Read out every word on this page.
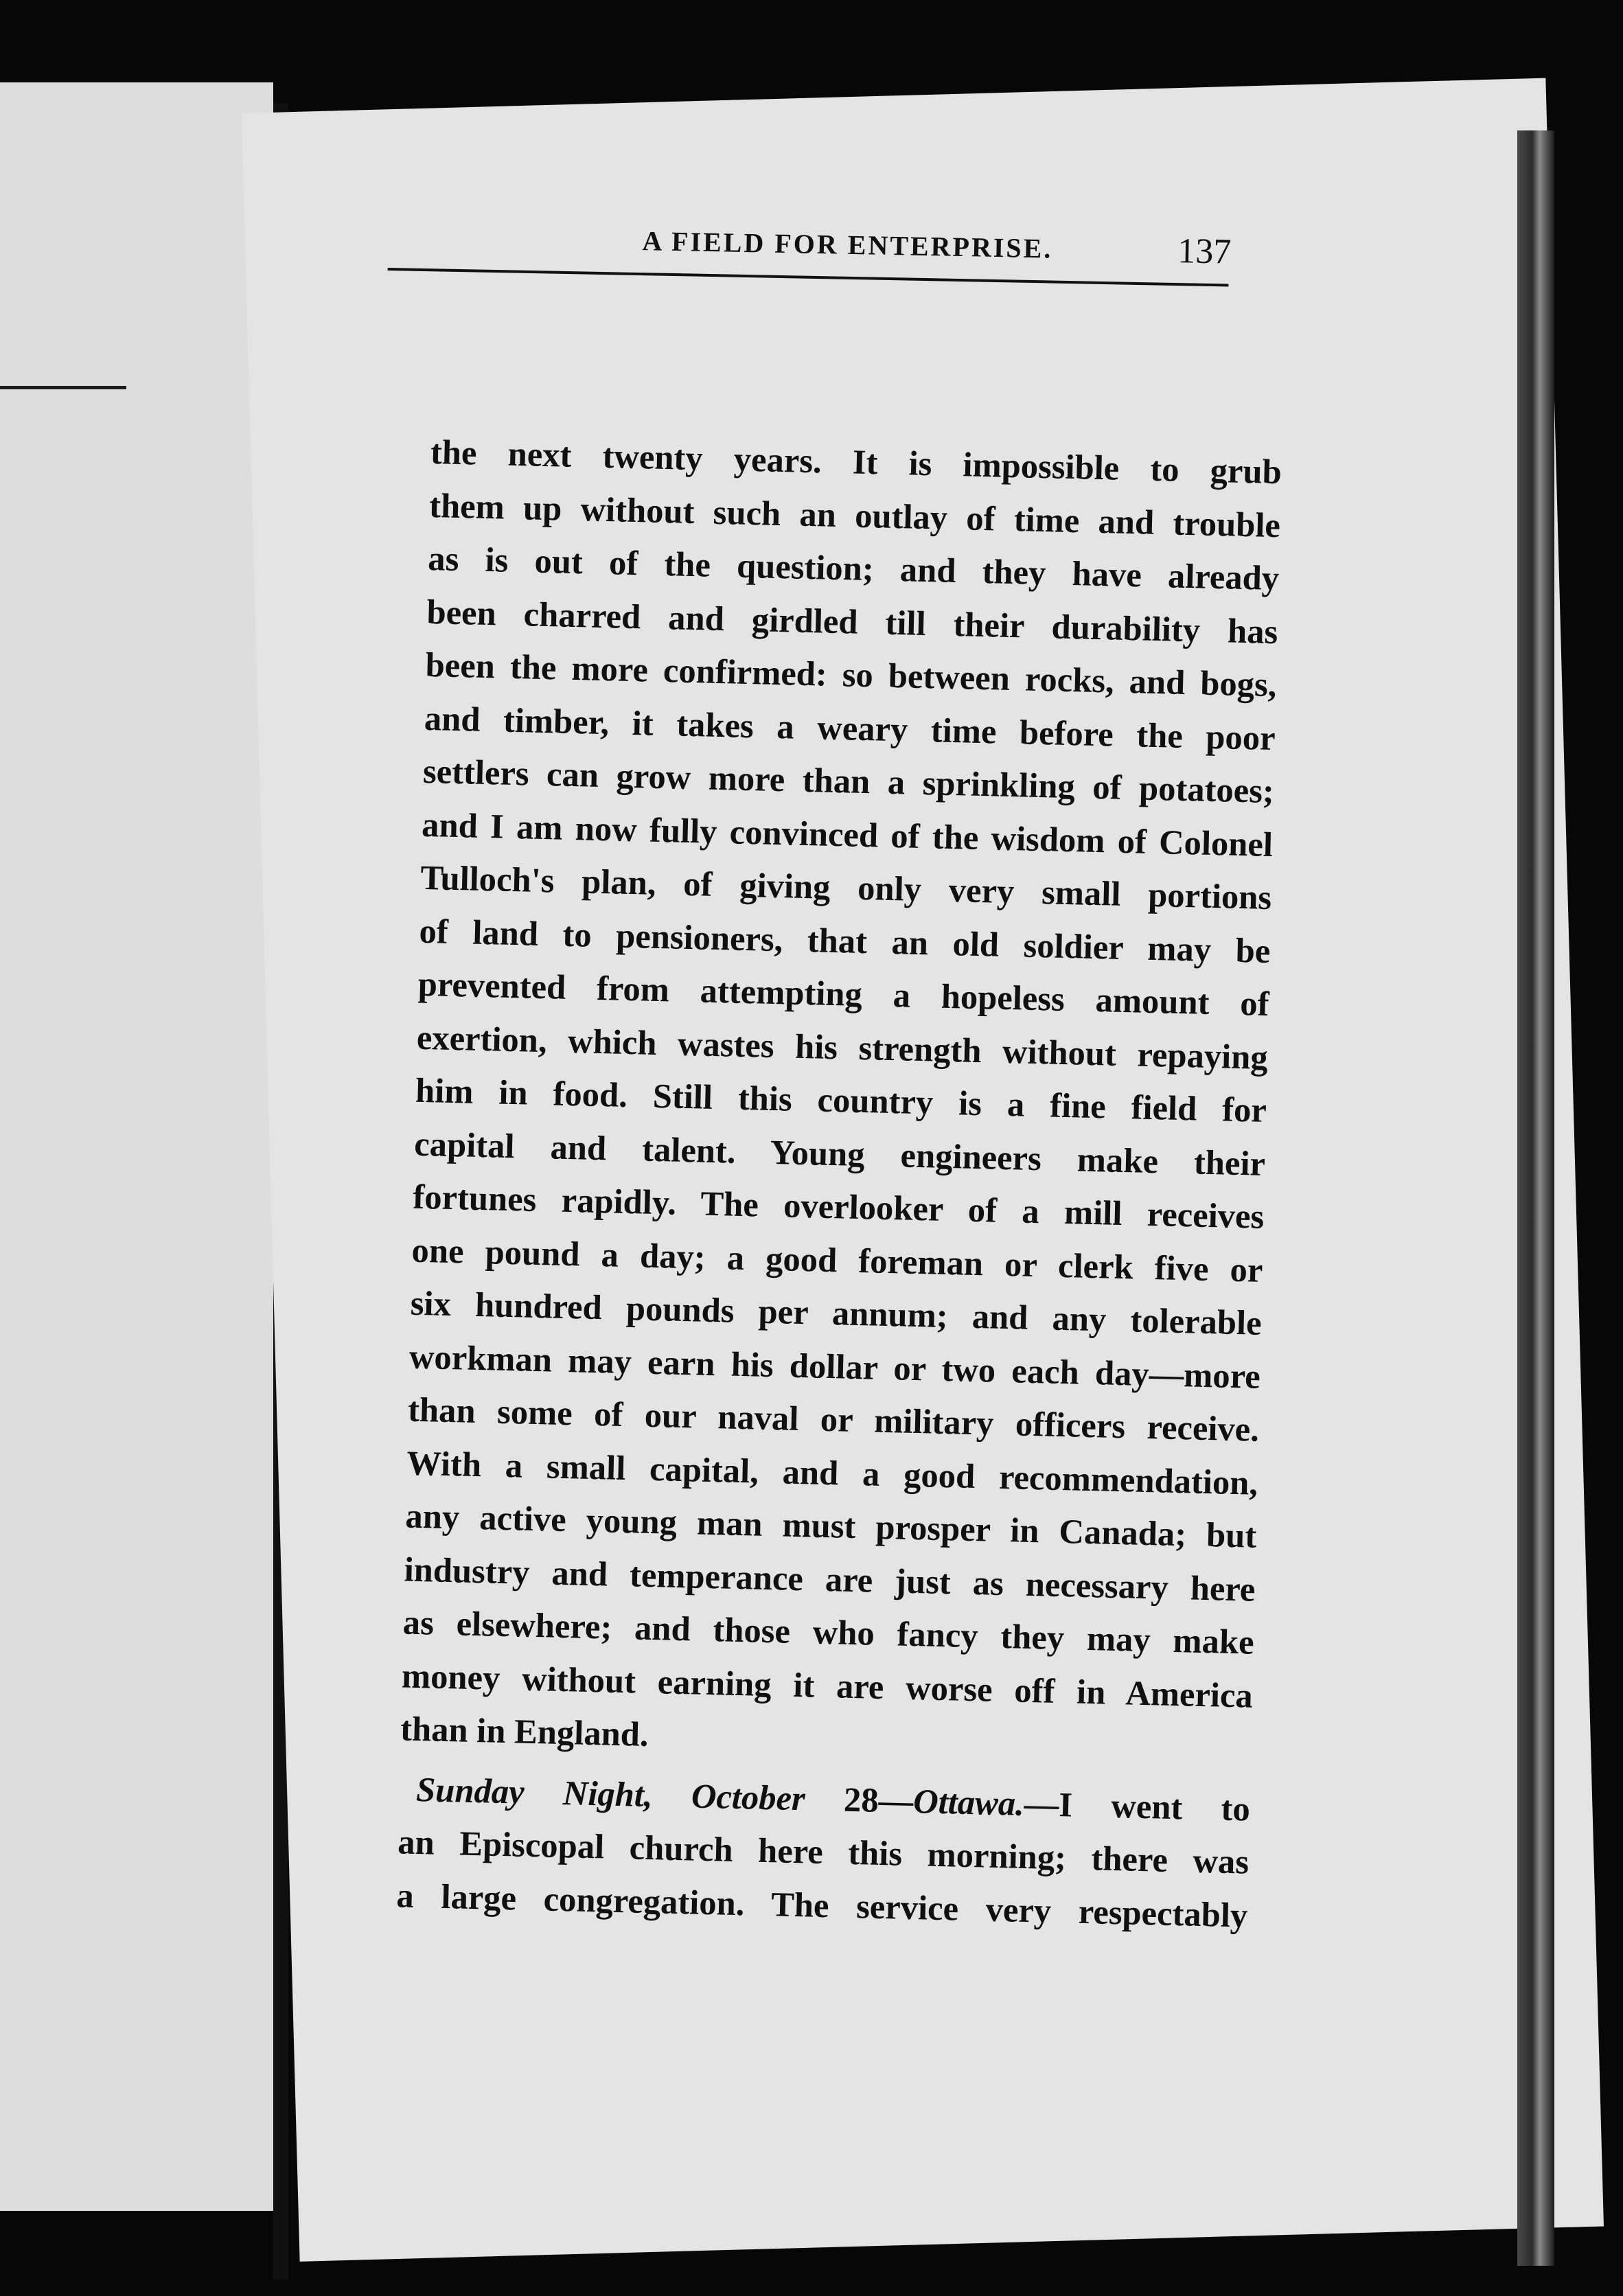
A FIELD FOR ENTERPRISE.	137
the next twenty years. It is impossible to grub
them up without such an outlay of time and trouble
as is out of the question; and they have already
been charred and girdled till their durability has
been the more confirmed: so between rocks, and bogs,
and timber, it takes a weary time before the poor
settlers can grow more than a sprinkling of potatoes;
and I am now fully convinced of the wisdom of Colonel
Tulloch's plan, of giving only very small portions
of land to pensioners, that an old soldier may be
prevented from attempting a hopeless amount of
exertion, which wastes his strength without repaying
him in food. Still this country is a fine field for
capital and talent. Young engineers make their
fortunes rapidly. The overlooker of a mill receives
one pound a day; a good foreman or clerk five or
six hundred pounds per annum; and any tolerable
workman may earn his dollar or two each day—more
than some of our naval or military officers receive.
With a small capital, and a good recommendation,
any active young man must prosper in Canada; but
industry and temperance are just as necessary here
as elsewhere; and those who fancy they may make
money without earning it are worse off in America
than in England.
Sunday Night, October 28—Ottawa.—I went to
an Episcopal church here this morning; there was
a large congregation. The service very respectably
